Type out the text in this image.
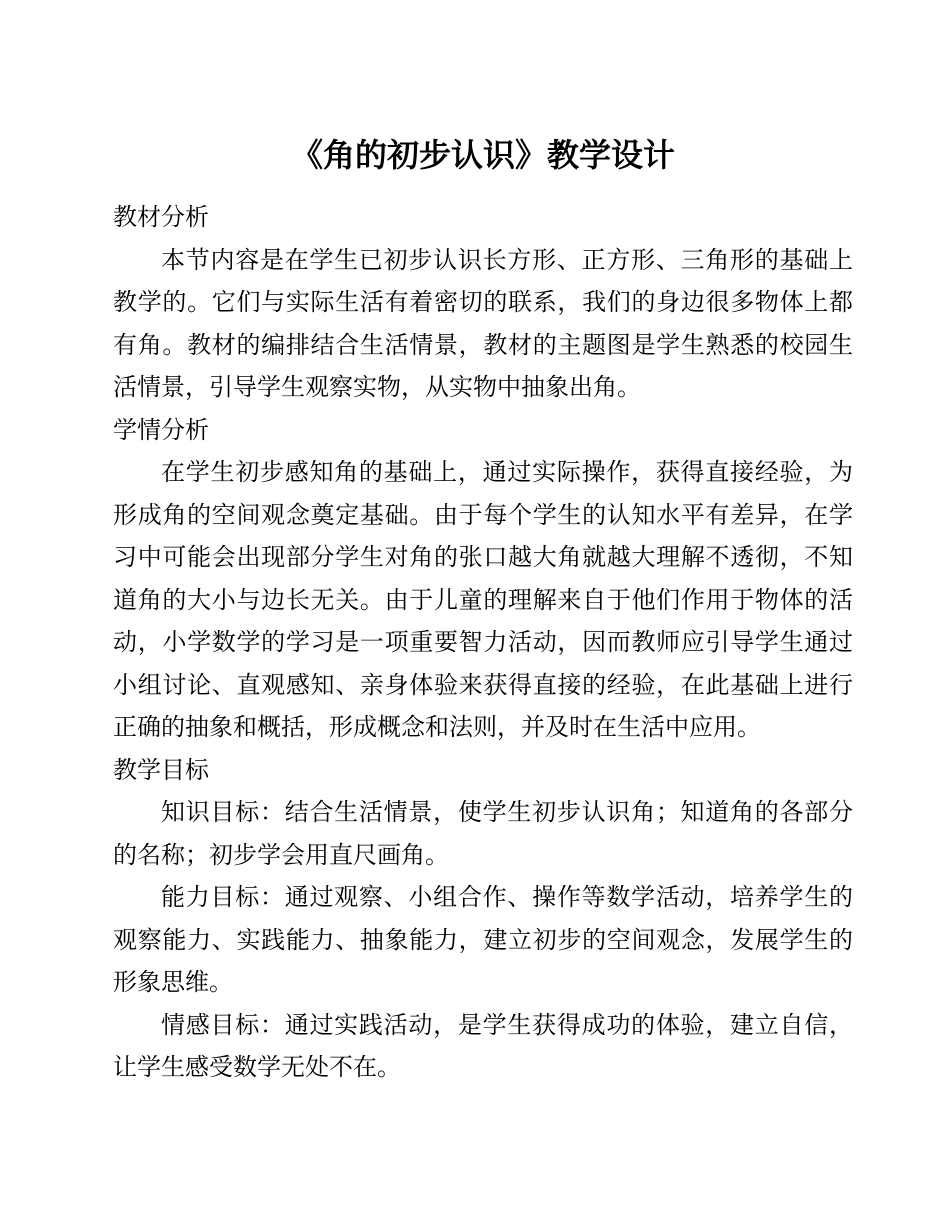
《角的初步认识》教学设计

教材分析

本节内容是在学生已初步认识长方形、正方形、三角形的基础上教学的。它们与实际生活有着密切的联系，我们的身边很多物体上都有角。教材的编排结合生活情景，教材的主题图是学生熟悉的校园生活情景，引导学生观察实物，从实物中抽象出角。

学情分析

在学生初步感知角的基础上，通过实际操作，获得直接经验，为形成角的空间观念奠定基础。由于每个学生的认知水平有差异，在学习中可能会出现部分学生对角的张口越大角就越大理解不透彻，不知道角的大小与边长无关。由于儿童的理解来自于他们作用于物体的活动，小学数学的学习是一项重要智力活动，因而教师应引导学生通过小组讨论、直观感知、亲身体验来获得直接的经验，在此基础上进行正确的抽象和概括，形成概念和法则，并及时在生活中应用。

教学目标

知识目标：结合生活情景，使学生初步认识角；知道角的各部分的名称；初步学会用直尺画角。

能力目标：通过观察、小组合作、操作等数学活动，培养学生的观察能力、实践能力、抽象能力，建立初步的空间观念，发展学生的形象思维。

情感目标：通过实践活动，是学生获得成功的体验，建立自信，让学生感受数学无处不在。
